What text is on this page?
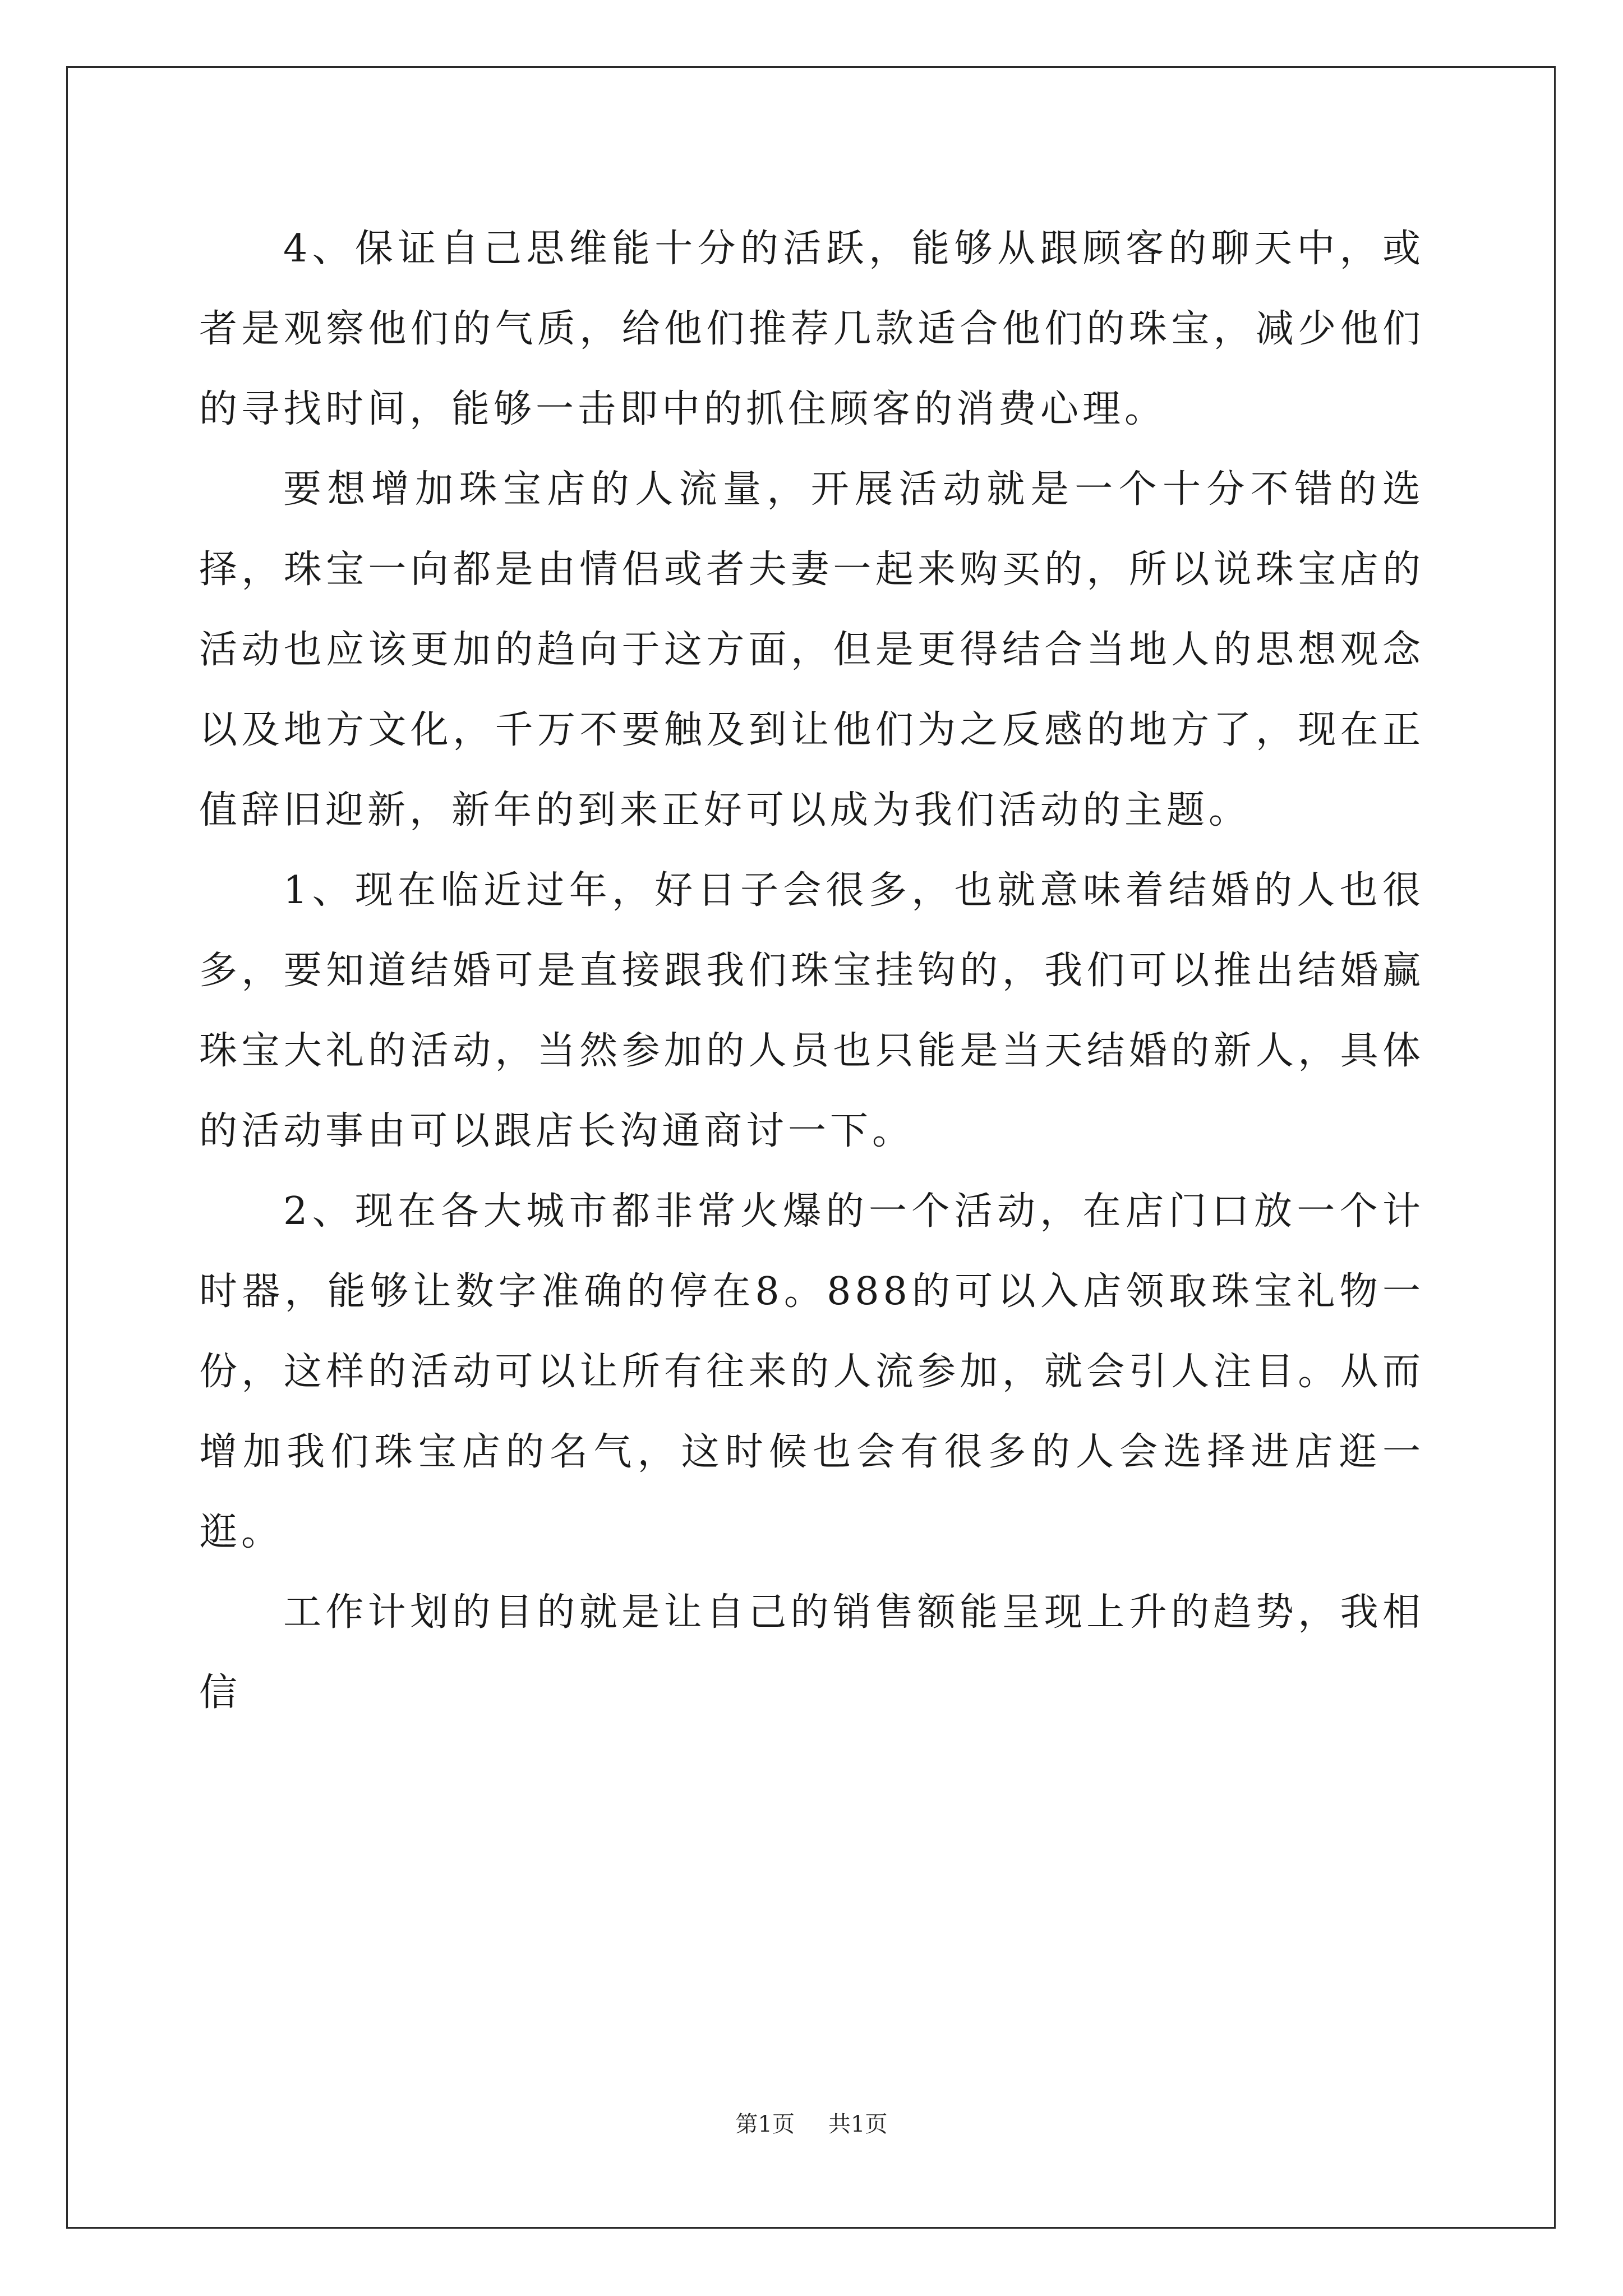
4、保证自己思维能十分的活跃，能够从跟顾客的聊天中，或者是观察他们的气质，给他们推荐几款适合他们的珠宝，减少他们的寻找时间，能够一击即中的抓住顾客的消费心理。

要想增加珠宝店的人流量，开展活动就是一个十分不错的选择，珠宝一向都是由情侣或者夫妻一起来购买的，所以说珠宝店的活动也应该更加的趋向于这方面，但是更得结合当地人的思想观念以及地方文化，千万不要触及到让他们为之反感的地方了，现在正值辞旧迎新，新年的到来正好可以成为我们活动的主题。

1、现在临近过年，好日子会很多，也就意味着结婚的人也很多，要知道结婚可是直接跟我们珠宝挂钩的，我们可以推出结婚赢珠宝大礼的活动，当然参加的人员也只能是当天结婚的新人，具体的活动事由可以跟店长沟通商讨一下。

2、现在各大城市都非常火爆的一个活动，在店门口放一个计时器，能够让数字准确的停在8。888的可以入店领取珠宝礼物一份，这样的活动可以让所有往来的人流参加，就会引人注目。从而增加我们珠宝店的名气，这时候也会有很多的人会选择进店逛一逛。

工作计划的目的就是让自己的销售额能呈现上升的趋势，我相信

第1页 共1页
